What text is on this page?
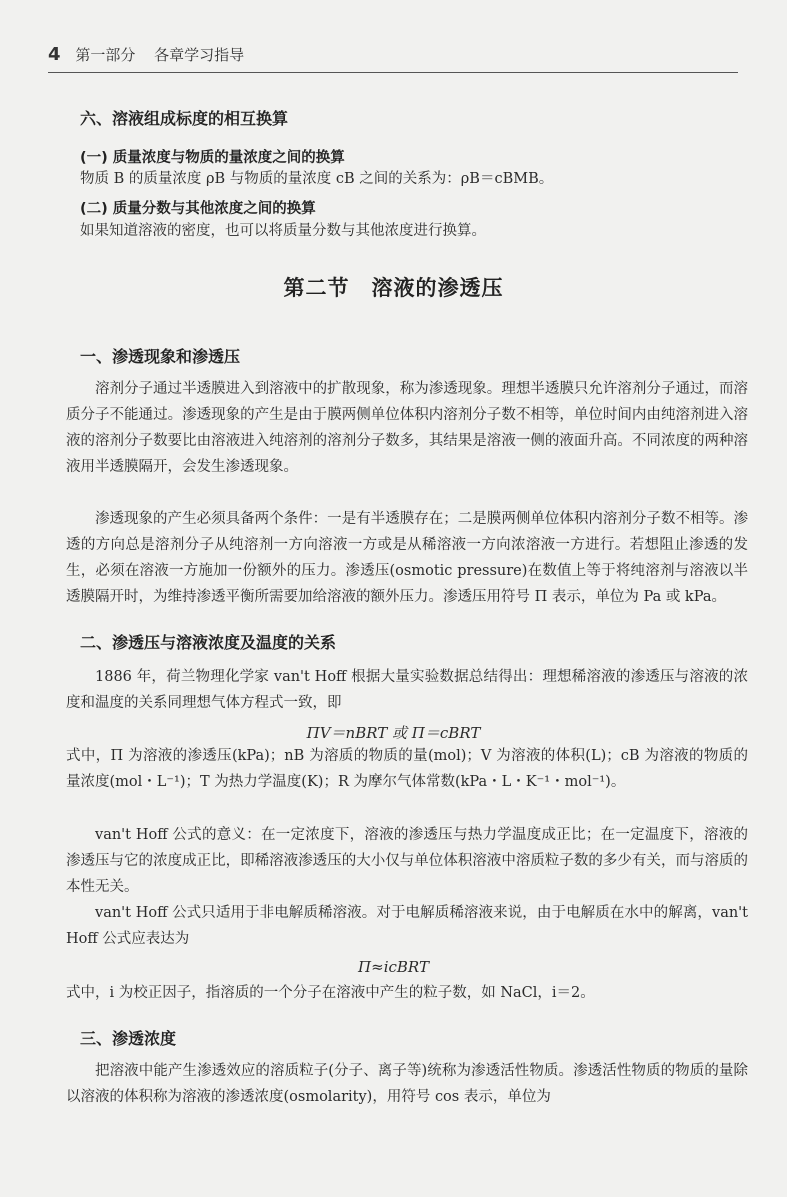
4 第一部分 各章学习指导
六、溶液组成标度的相互换算
(一) 质量浓度与物质的量浓度之间的换算
物质 B 的质量浓度 ρB 与物质的量浓度 cB 之间的关系为：ρB＝cBMB。
(二) 质量分数与其他浓度之间的换算
如果知道溶液的密度，也可以将质量分数与其他浓度进行换算。
第二节　溶液的渗透压
一、渗透现象和渗透压
溶剂分子通过半透膜进入到溶液中的扩散现象，称为渗透现象。理想半透膜只允许溶剂分子通过，而溶质分子不能通过。渗透现象的产生是由于膜两侧单位体积内溶剂分子数不相等，单位时间内由纯溶剂进入溶液的溶剂分子数要比由溶液进入纯溶剂的溶剂分子数多，其结果是溶液一侧的液面升高。不同浓度的两种溶液用半透膜隔开，会发生渗透现象。
渗透现象的产生必须具备两个条件：一是有半透膜存在；二是膜两侧单位体积内溶剂分子数不相等。渗透的方向总是溶剂分子从纯溶剂一方向溶液一方或是从稀溶液一方向浓溶液一方进行。若想阻止渗透的发生，必须在溶液一方施加一份额外的压力。渗透压(osmotic pressure)在数值上等于将纯溶剂与溶液以半透膜隔开时，为维持渗透平衡所需要加给溶液的额外压力。渗透压用符号 Π 表示，单位为 Pa 或 kPa。
二、渗透压与溶液浓度及温度的关系
1886 年，荷兰物理化学家 van't Hoff 根据大量实验数据总结得出：理想稀溶液的渗透压与溶液的浓度和温度的关系同理想气体方程式一致，即
ΠV＝nBRT 或 Π＝cBRT
式中，Π 为溶液的渗透压(kPa)；nB 为溶质的物质的量(mol)；V 为溶液的体积(L)；cB 为溶液的物质的量浓度(mol・L⁻¹)；T 为热力学温度(K)；R 为摩尔气体常数(kPa・L・K⁻¹・mol⁻¹)。
van't Hoff 公式的意义：在一定浓度下，溶液的渗透压与热力学温度成正比；在一定温度下，溶液的渗透压与它的浓度成正比，即稀溶液渗透压的大小仅与单位体积溶液中溶质粒子数的多少有关，而与溶质的本性无关。
van't Hoff 公式只适用于非电解质稀溶液。对于电解质稀溶液来说，由于电解质在水中的解离，van't Hoff 公式应表达为
Π≈icBRT
式中，i 为校正因子，指溶质的一个分子在溶液中产生的粒子数，如 NaCl，i＝2。
三、渗透浓度
把溶液中能产生渗透效应的溶质粒子(分子、离子等)统称为渗透活性物质。渗透活性物质的物质的量除以溶液的体积称为溶液的渗透浓度(osmolarity)，用符号 cos 表示，单位为
